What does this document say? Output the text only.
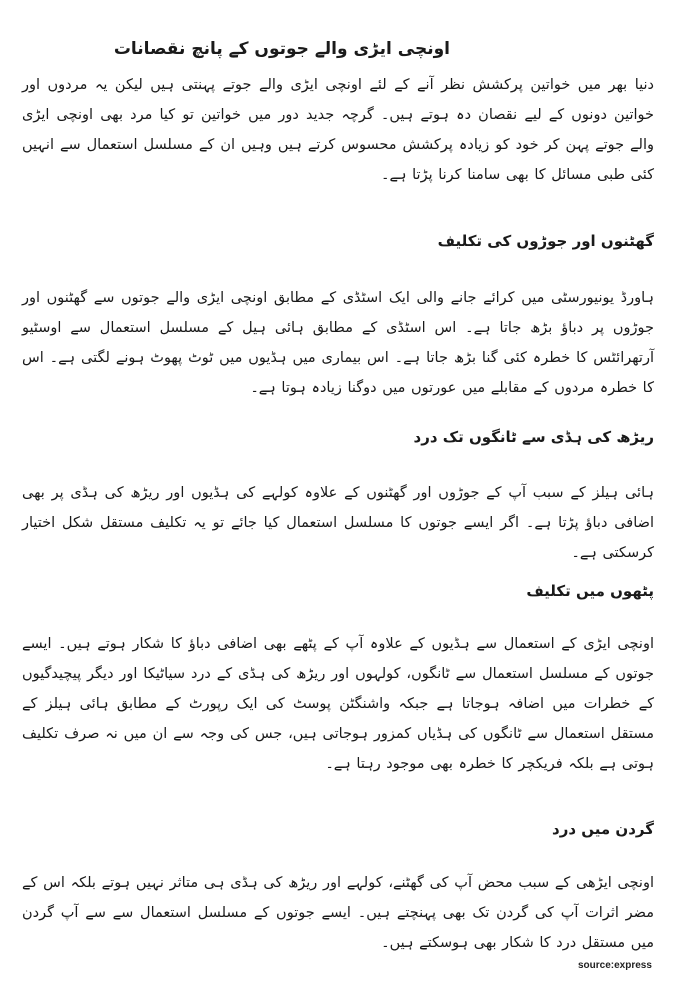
اونچی ایڑی والے جوتوں کے پانچ نقصانات

دنیا بھر میں خواتین پرکشش نظر آنے کے لئے اونچی ایڑی والے جوتے پہنتی ہیں لیکن یہ مردوں اور خواتین دونوں کے لیے نقصان دہ ہوتے ہیں۔ گرچہ جدید دور میں خواتین تو کیا مرد بھی اونچی ایڑی والے جوتے پہن کر خود کو زیادہ پرکشش محسوس کرتے ہیں وہیں ان کے مسلسل استعمال سے انہیں کئی طبی مسائل کا بھی سامنا کرنا پڑتا ہے۔

گھٹنوں اور جوڑوں کی تکلیف

ہاورڈ یونیورسٹی میں کرائے جانے والی ایک اسٹڈی کے مطابق اونچی ایڑی والے جوتوں سے گھٹنوں اور جوڑوں پر دباؤ بڑھ جاتا ہے۔ اس اسٹڈی کے مطابق ہائی ہیل کے مسلسل استعمال سے اوسٹیو آرتھرائٹس کا خطرہ کئی گنا بڑھ جاتا ہے۔ اس بیماری میں ہڈیوں میں ٹوٹ پھوٹ ہونے لگتی ہے۔ اس کا خطرہ مردوں کے مقابلے میں عورتوں میں دوگنا زیادہ ہوتا ہے۔

ریڑھ کی ہڈی سے ٹانگوں تک درد

ہائی ہیلز کے سبب آپ کے جوڑوں اور گھٹنوں کے علاوہ کولہے کی ہڈیوں اور ریڑھ کی ہڈی پر بھی اضافی دباؤ پڑتا ہے۔ اگر ایسے جوتوں کا مسلسل استعمال کیا جائے تو یہ تکلیف مستقل شکل اختیار کرسکتی ہے۔

پٹھوں میں تکلیف

اونچی ایڑی کے استعمال سے ہڈیوں کے علاوہ آپ کے پٹھے بھی اضافی دباؤ کا شکار ہوتے ہیں۔ ایسے جوتوں کے مسلسل استعمال سے ٹانگوں، کولہوں اور ریڑھ کی ہڈی کے درد سیاٹیکا اور دیگر پیچیدگیوں کے خطرات میں اضافہ ہوجاتا ہے جبکہ واشنگٹن پوسٹ کی ایک رپورٹ کے مطابق ہائی ہیلز کے مستقل استعمال سے ٹانگوں کی ہڈیاں کمزور ہوجاتی ہیں، جس کی وجہ سے ان میں نہ صرف تکلیف ہوتی ہے بلکہ فریکچر کا خطرہ بھی موجود رہتا ہے۔

گردن میں درد

اونچی ایڑھی کے سبب محض آپ کی گھٹنے، کولہے اور ریڑھ کی ہڈی ہی متاثر نہیں ہوتے بلکہ اس کے مضر اثرات آپ کی گردن تک بھی پہنچتے ہیں۔ ایسے جوتوں کے مسلسل استعمال سے سے آپ گردن میں مستقل درد کا شکار بھی ہوسکتے ہیں۔

source:express
